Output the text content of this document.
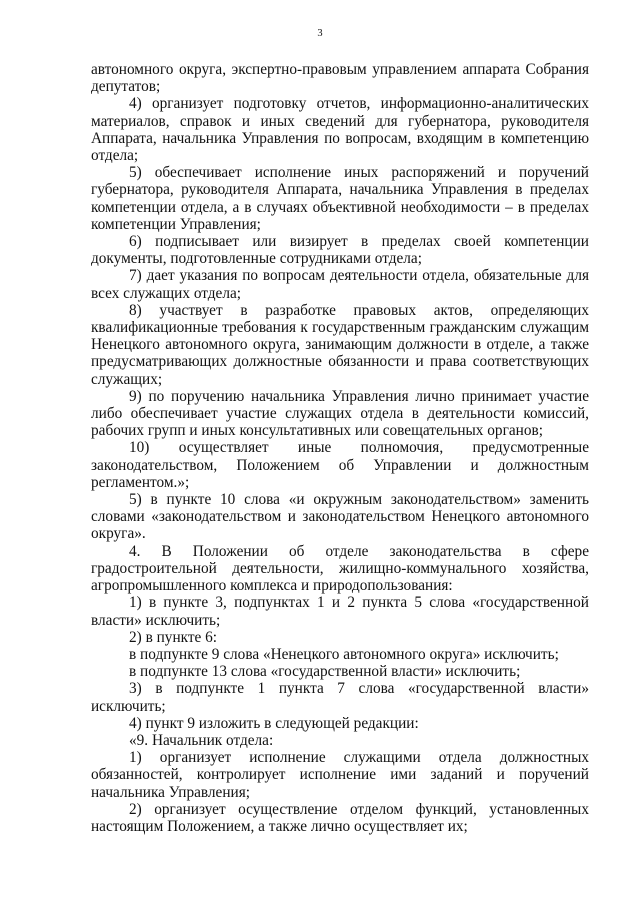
3

автономного округа, экспертно-правовым управлением аппарата Собрания депутатов;

4) организует подготовку отчетов, информационно-аналитических материалов, справок и иных сведений для губернатора, руководителя Аппарата, начальника Управления по вопросам, входящим в компетенцию отдела;

5) обеспечивает исполнение иных распоряжений и поручений губернатора, руководителя Аппарата, начальника Управления в пределах компетенции отдела, а в случаях объективной необходимости – в пределах компетенции Управления;

6) подписывает или визирует в пределах своей компетенции документы, подготовленные сотрудниками отдела;

7) дает указания по вопросам деятельности отдела, обязательные для всех служащих отдела;

8) участвует в разработке правовых актов, определяющих квалификационные требования к государственным гражданским служащим Ненецкого автономного округа, занимающим должности в отделе, а также предусматривающих должностные обязанности и права соответствующих служащих;

9) по поручению начальника Управления лично принимает участие либо обеспечивает участие служащих отдела в деятельности комиссий, рабочих групп и иных консультативных или совещательных органов;

10) осуществляет иные полномочия, предусмотренные законодательством, Положением об Управлении и должностным регламентом.»;

5) в пункте 10 слова «и окружным законодательством» заменить словами «законодательством и законодательством Ненецкого автономного округа».

4. В Положении об отделе законодательства в сфере градостроительной деятельности, жилищно-коммунального хозяйства, агропромышленного комплекса и природопользования:

1) в пункте 3, подпунктах 1 и 2 пункта 5 слова «государственной власти» исключить;

2) в пункте 6:

в подпункте 9 слова «Ненецкого автономного округа» исключить;

в подпункте 13 слова «государственной власти» исключить;

3) в подпункте 1 пункта 7 слова «государственной власти» исключить;

4) пункт 9 изложить в следующей редакции:

«9. Начальник отдела:

1) организует исполнение служащими отдела должностных обязанностей, контролирует исполнение ими заданий и поручений начальника Управления;

2) организует осуществление отделом функций, установленных настоящим Положением, а также лично осуществляет их;
